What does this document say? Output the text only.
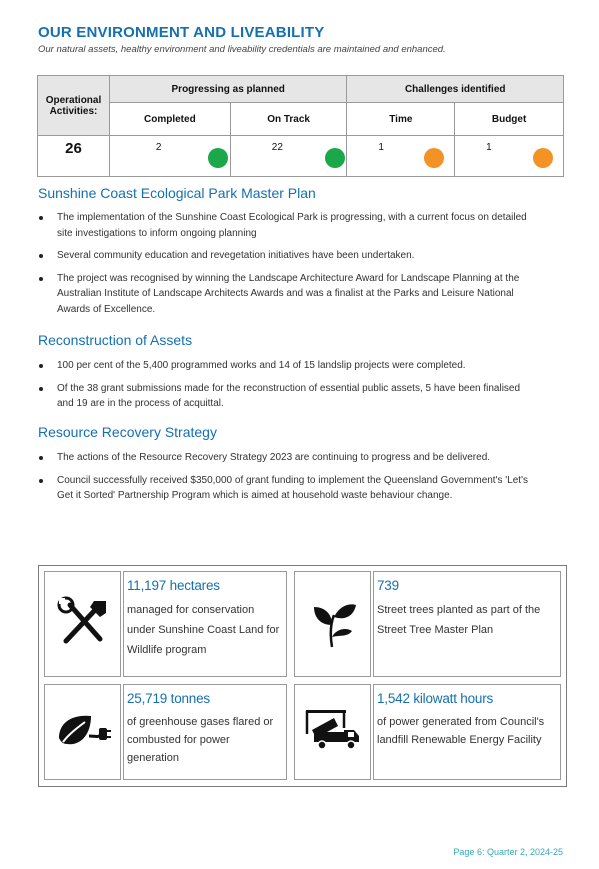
OUR ENVIRONMENT AND LIVEABILITY
Our natural assets, healthy environment and liveability credentials are maintained and enhanced.
Operational Activities:	Progressing as planned				Challenges identified			
	Completed		On Track		Time		Budget	
26	2		22		1		1	
Sunshine Coast Ecological Park Master Plan
The implementation of the Sunshine Coast Ecological Park is progressing, with a current focus on detailed site investigations to inform ongoing planning
Several community education and revegetation initiatives have been undertaken.
The project was recognised by winning the Landscape Architecture Award for Landscape Planning at the Australian Institute of Landscape Architects Awards and was a finalist at the Parks and Leisure National Awards of Excellence.
Reconstruction of Assets
100 per cent of the 5,400 programmed works and 14 of 15 landslip projects were completed.
Of the 38 grant submissions made for the reconstruction of essential public assets, 5 have been finalised and 19 are in the process of acquittal.
Resource Recovery Strategy
The actions of the Resource Recovery Strategy 2023 are continuing to progress and be delivered.
Council successfully received $350,000 of grant funding to implement the Queensland Government's 'Let's Get it Sorted' Partnership Program which is aimed at household waste behaviour change.
11,197 hectares
managed for conservation under Sunshine Coast Land for Wildlife program
739
Street trees planted as part of the Street Tree Master Plan
25,719 tonnes
of greenhouse gases flared or combusted for power generation
1,542 kilowatt hours
of power generated from Council's landfill Renewable Energy Facility
Page 6: Quarter 2, 2024-25
